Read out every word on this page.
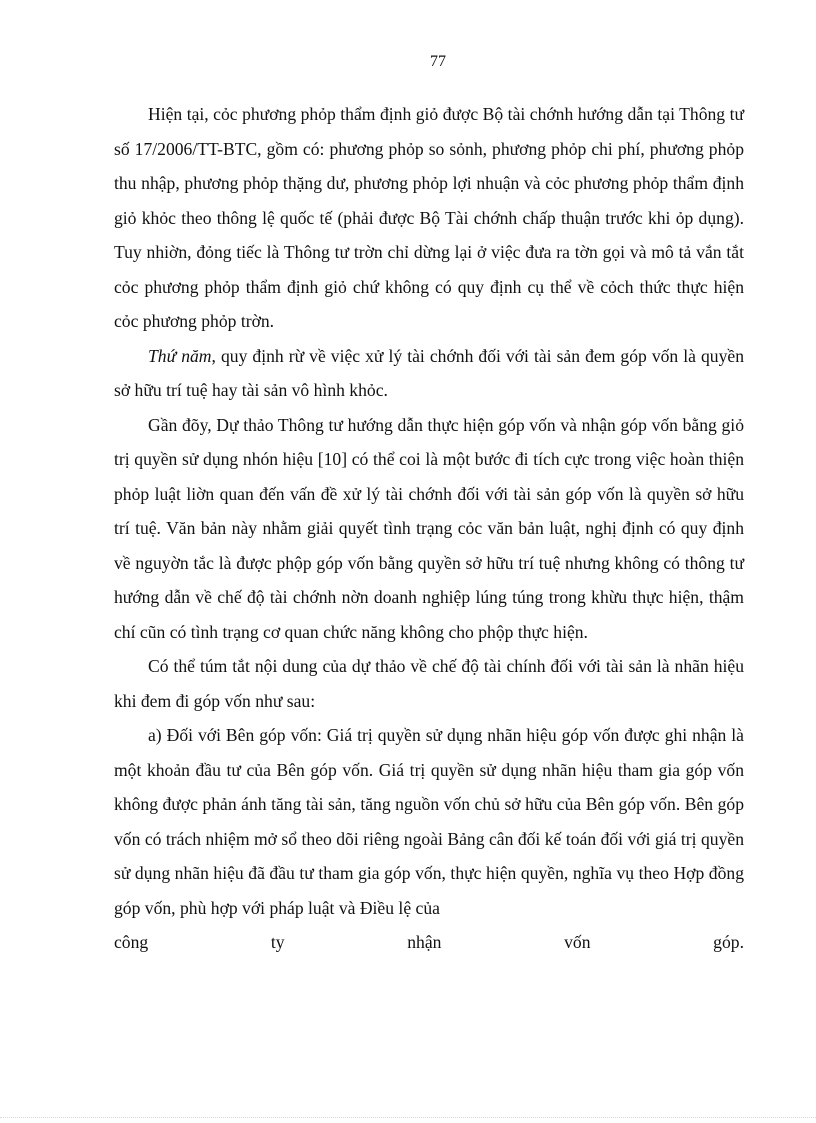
77

Hiện tại, cỏc phương phỏp thẩm định giỏ được Bộ tài chớnh hướng dẫn tại Thông tư số 17/2006/TT-BTC, gồm có: phương phỏp so sỏnh, phương phỏp chi phí, phương phỏp thu nhập, phương phỏp thặng dư, phương phỏp lợi nhuận và cỏc phương phỏp thẩm định giỏ khỏc theo thông lệ quốc tế (phải được Bộ Tài chớnh chấp thuận trước khi ỏp dụng). Tuy nhiờn, đỏng tiếc là Thông tư trờn chỉ dừng lại ở việc đưa ra tờn gọi và mô tả vắn tắt cỏc phương phỏp thẩm định giỏ chứ không có quy định cụ thể về cỏch thức thực hiện cỏc phương phỏp trờn.

Thứ năm, quy định rừ về việc xử lý tài chớnh đối với tài sản đem góp vốn là quyền sở hữu trí tuệ hay tài sản vô hình khỏc.

Gần đõy, Dự thảo Thông tư hướng dẫn thực hiện góp vốn và nhận góp vốn bằng giỏ trị quyền sử dụng nhón hiệu [10] có thể coi là một bước đi tích cực trong việc hoàn thiện phỏp luật liờn quan đến vấn đề xử lý tài chớnh đối với tài sản góp vốn là quyền sở hữu trí tuệ. Văn bản này nhằm giải quyết tình trạng cỏc văn bản luật, nghị định có quy định về nguyờn tắc là được phộp góp vốn bằng quyền sở hữu trí tuệ nhưng không có thông tư hướng dẫn về chế độ tài chớnh nờn doanh nghiệp lúng túng trong khừu thực hiện, thậm chí cũn có tình trạng cơ quan chức năng không cho phộp thực hiện.

Có thể túm tắt nội dung của dự thảo về chế độ tài chính đối với tài sản là nhãn hiệu khi đem đi góp vốn như sau:

a) Đối với Bên góp vốn: Giá trị quyền sử dụng nhãn hiệu góp vốn được ghi nhận là một khoản đầu tư của Bên góp vốn. Giá trị quyền sử dụng nhãn hiệu tham gia góp vốn không được phản ánh tăng tài sản, tăng nguồn vốn chủ sở hữu của Bên góp vốn. Bên góp vốn có trách nhiệm mở sổ theo dõi riêng ngoài Bảng cân đối kế toán đối với giá trị quyền sử dụng nhãn hiệu đã đầu tư tham gia góp vốn, thực hiện quyền, nghĩa vụ theo Hợp đồng góp vốn, phù hợp với pháp luật và Điều lệ của

công	ty	nhận	vốn	góp.
